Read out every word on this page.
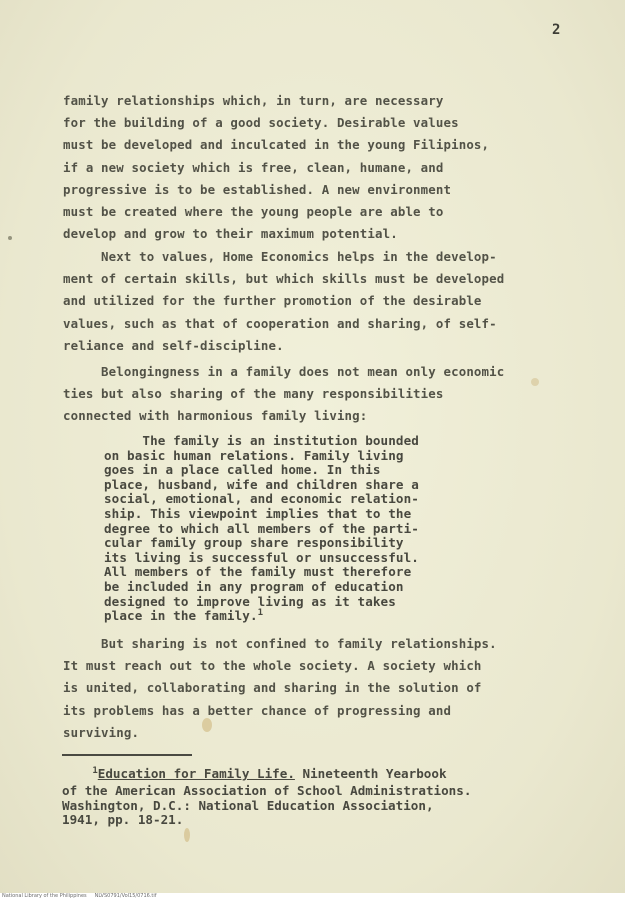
2
family relationships which, in turn, are necessary
for the building of a good society. Desirable values
must be developed and inculcated in the young Filipinos,
if a new society which is free, clean, humane, and
progressive is to be established. A new environment
must be created where the young people are able to
develop and grow to their maximum potential.
Next to values, Home Economics helps in the develop-
ment of certain skills, but which skills must be developed
and utilized for the further promotion of the desirable
values, such as that of cooperation and sharing, of self-
reliance and self-discipline.
Belongingness in a family does not mean only economic
ties but also sharing of the many responsibilities
connected with harmonious family living:
The family is an institution bounded
on basic human relations. Family living
goes in a place called home. In this
place, husband, wife and children share a
social, emotional, and economic relation-
ship. This viewpoint implies that to the
degree to which all members of the parti-
cular family group share responsibility
its living is successful or unsuccessful.
All members of the family must therefore
be included in any program of education
designed to improve living as it takes
place in the family.$^1$
But sharing is not confined to family relationships.
It must reach out to the whole society. A society which
is united, collaborating and sharing in the solution of
its problems has a better chance of progressing and
surviving.
$^1$Education for Family Life. Nineteenth Yearbook
of the American Association of School Administrations.
Washington, D.C.: National Education Association,
1941, pp. 18-21.
National Library of the Philippines     NLVS0791/Vol15/0716.tif
